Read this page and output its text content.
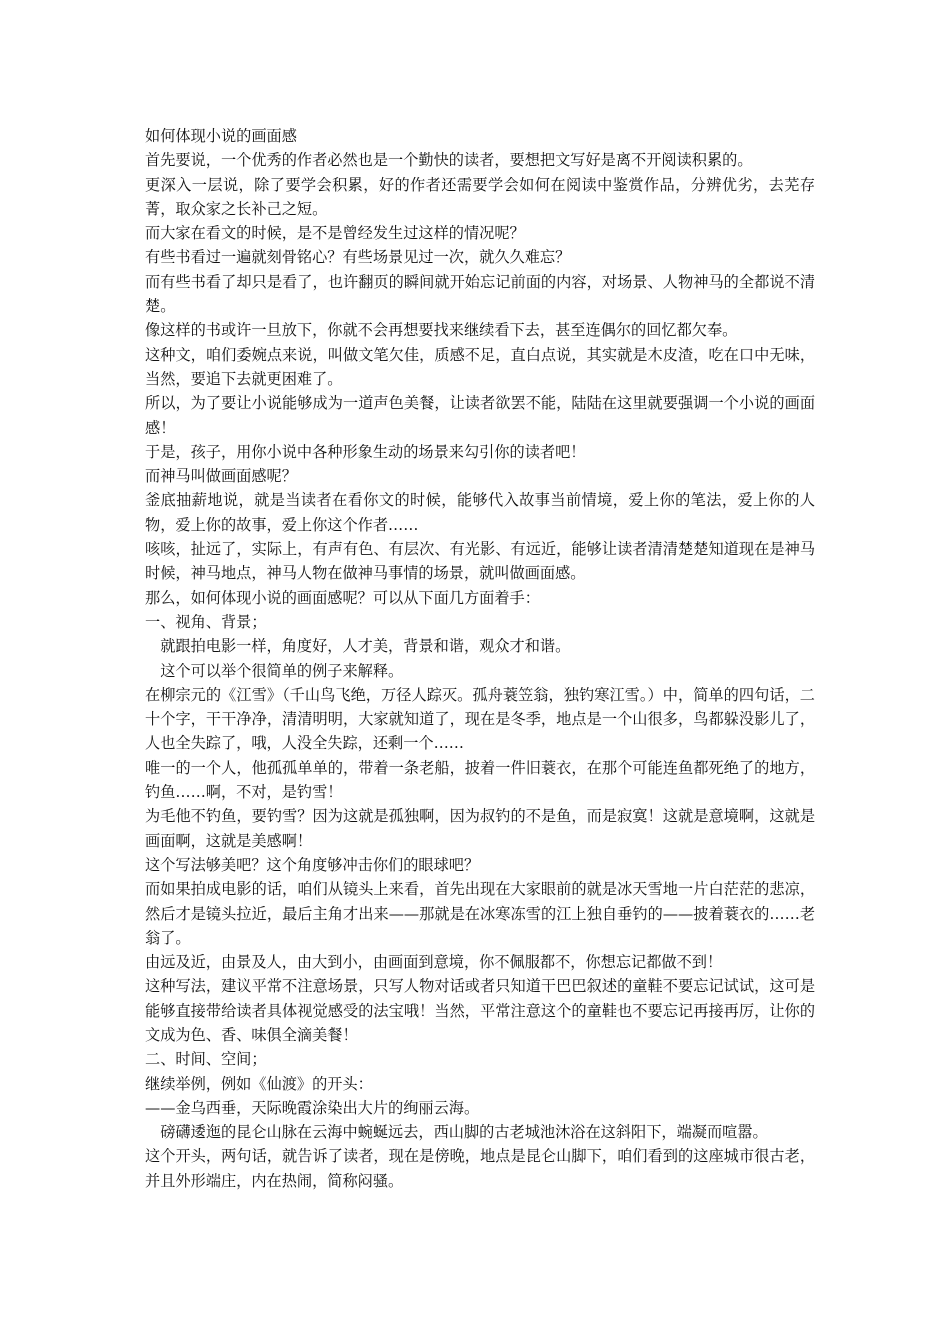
如何体现小说的画面感

首先要说，一个优秀的作者必然也是一个勤快的读者，要想把文写好是离不开阅读积累的。

更深入一层说，除了要学会积累，好的作者还需要学会如何在阅读中鉴赏作品，分辨优劣，去芜存菁，取众家之长补己之短。

而大家在看文的时候，是不是曾经发生过这样的情况呢？

有些书看过一遍就刻骨铭心？有些场景见过一次，就久久难忘？

而有些书看了却只是看了，也许翻页的瞬间就开始忘记前面的内容，对场景、人物神马的全都说不清楚。

像这样的书或许一旦放下，你就不会再想要找来继续看下去，甚至连偶尔的回忆都欠奉。

这种文，咱们委婉点来说，叫做文笔欠佳，质感不足，直白点说，其实就是木皮渣，吃在口中无味，当然，要追下去就更困难了。

所以，为了要让小说能够成为一道声色美餐，让读者欲罢不能，陆陆在这里就要强调一个小说的画面感！

于是，孩子，用你小说中各种形象生动的场景来勾引你的读者吧！

而神马叫做画面感呢？

釜底抽薪地说，就是当读者在看你文的时候，能够代入故事当前情境，爱上你的笔法，爱上你的人物，爱上你的故事，爱上你这个作者……

咳咳，扯远了，实际上，有声有色、有层次、有光影、有远近，能够让读者清清楚楚知道现在是神马时候，神马地点，神马人物在做神马事情的场景，就叫做画面感。

那么，如何体现小说的画面感呢？可以从下面几方面着手：

一、视角、背景；

　就跟拍电影一样，角度好，人才美，背景和谐，观众才和谐。

　这个可以举个很简单的例子来解释。

在柳宗元的《江雪》（千山鸟飞绝，万径人踪灭。孤舟蓑笠翁，独钓寒江雪。）中，简单的四句话，二十个字，干干净净，清清明明，大家就知道了，现在是冬季，地点是一个山很多，鸟都躲没影儿了，人也全失踪了，哦，人没全失踪，还剩一个……

唯一的一个人，他孤孤单单的，带着一条老船，披着一件旧蓑衣，在那个可能连鱼都死绝了的地方，钓鱼……啊，不对，是钓雪！

为毛他不钓鱼，要钓雪？因为这就是孤独啊，因为叔钓的不是鱼，而是寂寞！这就是意境啊，这就是画面啊，这就是美感啊！

这个写法够美吧？这个角度够冲击你们的眼球吧？

而如果拍成电影的话，咱们从镜头上来看，首先出现在大家眼前的就是冰天雪地一片白茫茫的悲凉，然后才是镜头拉近，最后主角才出来——那就是在冰寒冻雪的江上独自垂钓的——披着蓑衣的……老翁了。

由远及近，由景及人，由大到小，由画面到意境，你不佩服都不，你想忘记都做不到！

这种写法，建议平常不注意场景，只写人物对话或者只知道干巴巴叙述的童鞋不要忘记试试，这可是能够直接带给读者具体视觉感受的法宝哦！当然，平常注意这个的童鞋也不要忘记再接再厉，让你的文成为色、香、味俱全滴美餐！

二、时间、空间；

继续举例，例如《仙渡》的开头：

——金乌西垂，天际晚霞涂染出大片的绚丽云海。

　磅礴逶迤的昆仑山脉在云海中蜿蜒远去，西山脚的古老城池沐浴在这斜阳下，端凝而喧嚣。

这个开头，两句话，就告诉了读者，现在是傍晚，地点是昆仑山脚下，咱们看到的这座城市很古老，并且外形端庄，内在热闹，简称闷骚。
